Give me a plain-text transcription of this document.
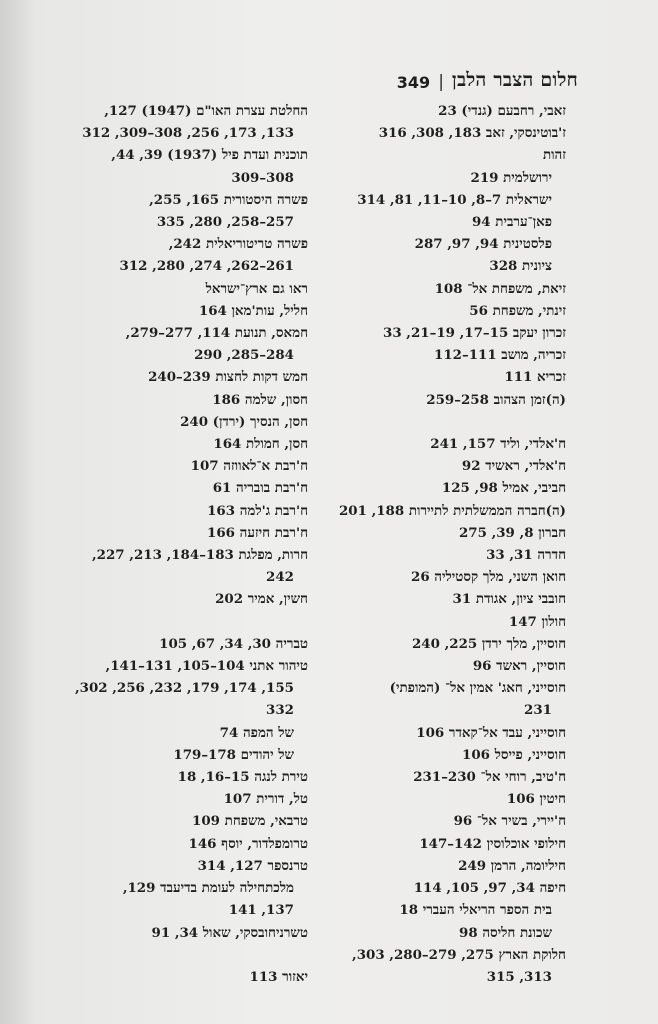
חלום הצבר הלבן
|
349
זאבי, רחבעם (גנדי) 23
ז'בוטינסקי, זאב 183, 308, 316
זהות
ירושלמית 219
ישראלית 7–8, 10–11, 81, 314
פאן־ערבית 94
פלסטינית 94, 97, 287
ציונית 328
זיאת, משפחת אל־ 108
זינתי, משפחת 56
זכרון יעקב 15–17, 19–21, 33
זכריה, מושב 111–112
זכריא 111
(ה)זמן הצהוב 258–259
ח'אלדי, וליד 157, 241
ח'אלדי, ראשיד 92
חביבי, אמיל 98, 125
(ה)חברה הממשלתית לתיירות 188, 201
חברון 8, 39, 275
חדרה 31, 33
חואן השני, מלך קסטיליה 26
חובבי ציון, אגודת 31
חולון 147
חוסיין, מלך ירדן 225, 240
חוסיין, ראשד 96
חוסייני, חאג' אמין אל־ (המופתי)
231
חוסייני, עבד אל־קאדר 106
חוסייני, פייסל 106
ח'טיב, רוחי אל־ 230–231
חיטין 106
ח'יירי, בשיר אל־ 96
חילופי אוכלוסין 142–147
חיליומה, הרמן 249
חיפה 34, 97, 105, 114
בית הספר הריאלי העברי 18
שכונת חליסה 98
חלוקת הארץ 275, 279–280, 303,
313, 315
החלטת עצרת האו"ם (1947) 127,
133, 173, 256, 308–309, 312
תוכנית ועדת פיל (1937) 39, 44,
308–309
פשרה היסטורית 165, 255,
257–258, 280, 335
פשרה טריטוריאלית 242,
261–262, 274, 280, 312
ראו גם ארץ־ישראל
חליל, עות'מאן 164
חמאס, תנועת 114, 277–279,
284–285, 290
חמש דקות לחצות 239–240
חסון, שלמה 186
חסן, הנסיך (ירדן) 240
חסן, חמולת 164
ח'רבת א־לאווזה 107
ח'רבת בובריה 61
ח'רבת ג'למה 163
ח'רבת חיזעה 166
חרות, מפלגת 183–184, 213, 227,
242
חשין, אמיר 202
טבריה 30, 34, 67, 105
טיהור אתני 104–105, 131–141,
155, 174, 179, 232, 256, 302,
332
של המפה 74
של יהודים 178–179
טירת לנגה 15–16, 18
טל, דורית 107
טרבאי, משפחת 109
טרומפלדור, יוסף 146
טרנספר 127, 314
מלכתחילה לעומת בדיעבד 129,
137, 141
טשרניחובסקי, שאול 34, 91
יאזור 113
